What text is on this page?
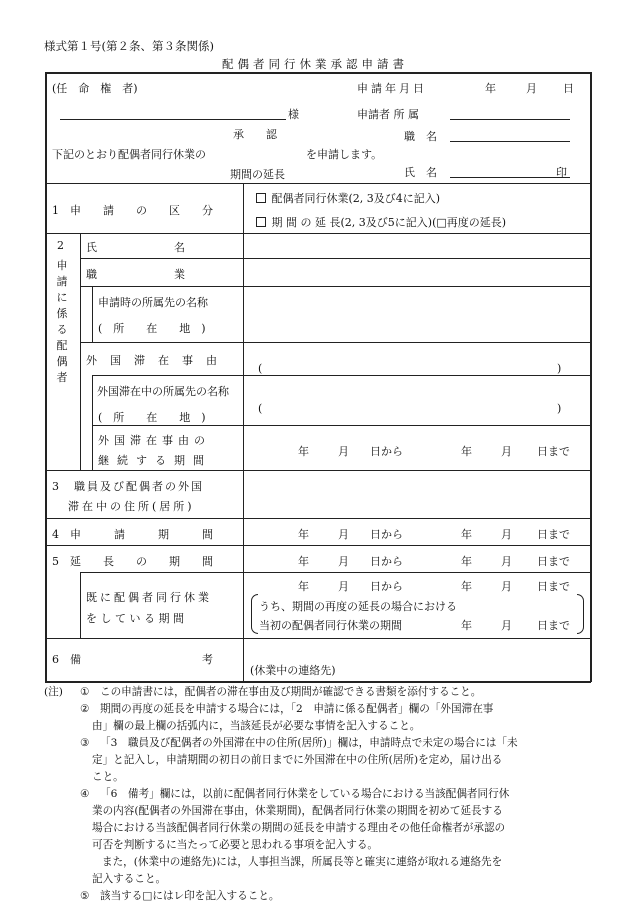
様式第１号(第２条、第３条関係)
配偶者同行休業承認申請書
(任　命　権　者)	申請年月日	年	月 日
様	申請者 所 属
承　　認	職　名
下記のとおり配偶者同行休業の	を申請します。
期間の延長	氏　名	印
1　申　　請　　の　　区　　分
配偶者同行休業(2, 3及び4に記入)
期 間 の 延 長(2, 3及び5に記入)(□再度の延長)
2
申
請
に
係
る
配
偶
者
氏　　　　　　　名
職　　　　　　　業
申請時の所属先の名称
(　所　　在　　地　)
外　国　滞　在　事　由
(	)
外国滞在中の所属先の名称
(　所　　在　　地　)
(	)
外国滞在事由の
継続する期間
年	月 日から	年	月 日まで
3　職員及び配偶者の外国
滞在中の住所(居所)
4　申　　　請　　　期　　　間	年	月 日から	年	月 日まで
5　延　　長　　の　　期　　間	年	月 日から	年	月 日まで
既に配偶者同行休業
を し て い る 期 間
年	月 日から	年	月 日まで
うち、期間の再度の延長の場合における
当初の配偶者同行休業の期間	年	月 日まで
6　備　　　　　　　　　　　考
(休業中の連絡先)
(注) ① この申請書には，配偶者の滞在事由及び期間が確認できる書類を添付すること。
② 期間の再度の延長を申請する場合には，「2　申請に係る配偶者」欄の「外国滞在事
由」欄の最上欄の括弧内に，当該延長が必要な事情を記入すること。
③ 「3　職員及び配偶者の外国滞在中の住所(居所)」欄は，申請時点で未定の場合には「未
定」と記入し，申請期間の初日の前日までに外国滞在中の住所(居所)を定め，届け出る
こと。
④ 「6　備考」欄には，以前に配偶者同行休業をしている場合における当該配偶者同行休
業の内容(配偶者の外国滞在事由，休業期間)，配偶者同行休業の期間を初めて延長する
場合における当該配偶者同行休業の期間の延長を申請する理由その他任命権者が承認の
可否を判断するに当たって必要と思われる事項を記入する。
また，(休業中の連絡先)には，人事担当課，所属長等と確実に連絡が取れる連絡先を
記入すること。
⑤ 該当する□にはレ印を記入すること。
